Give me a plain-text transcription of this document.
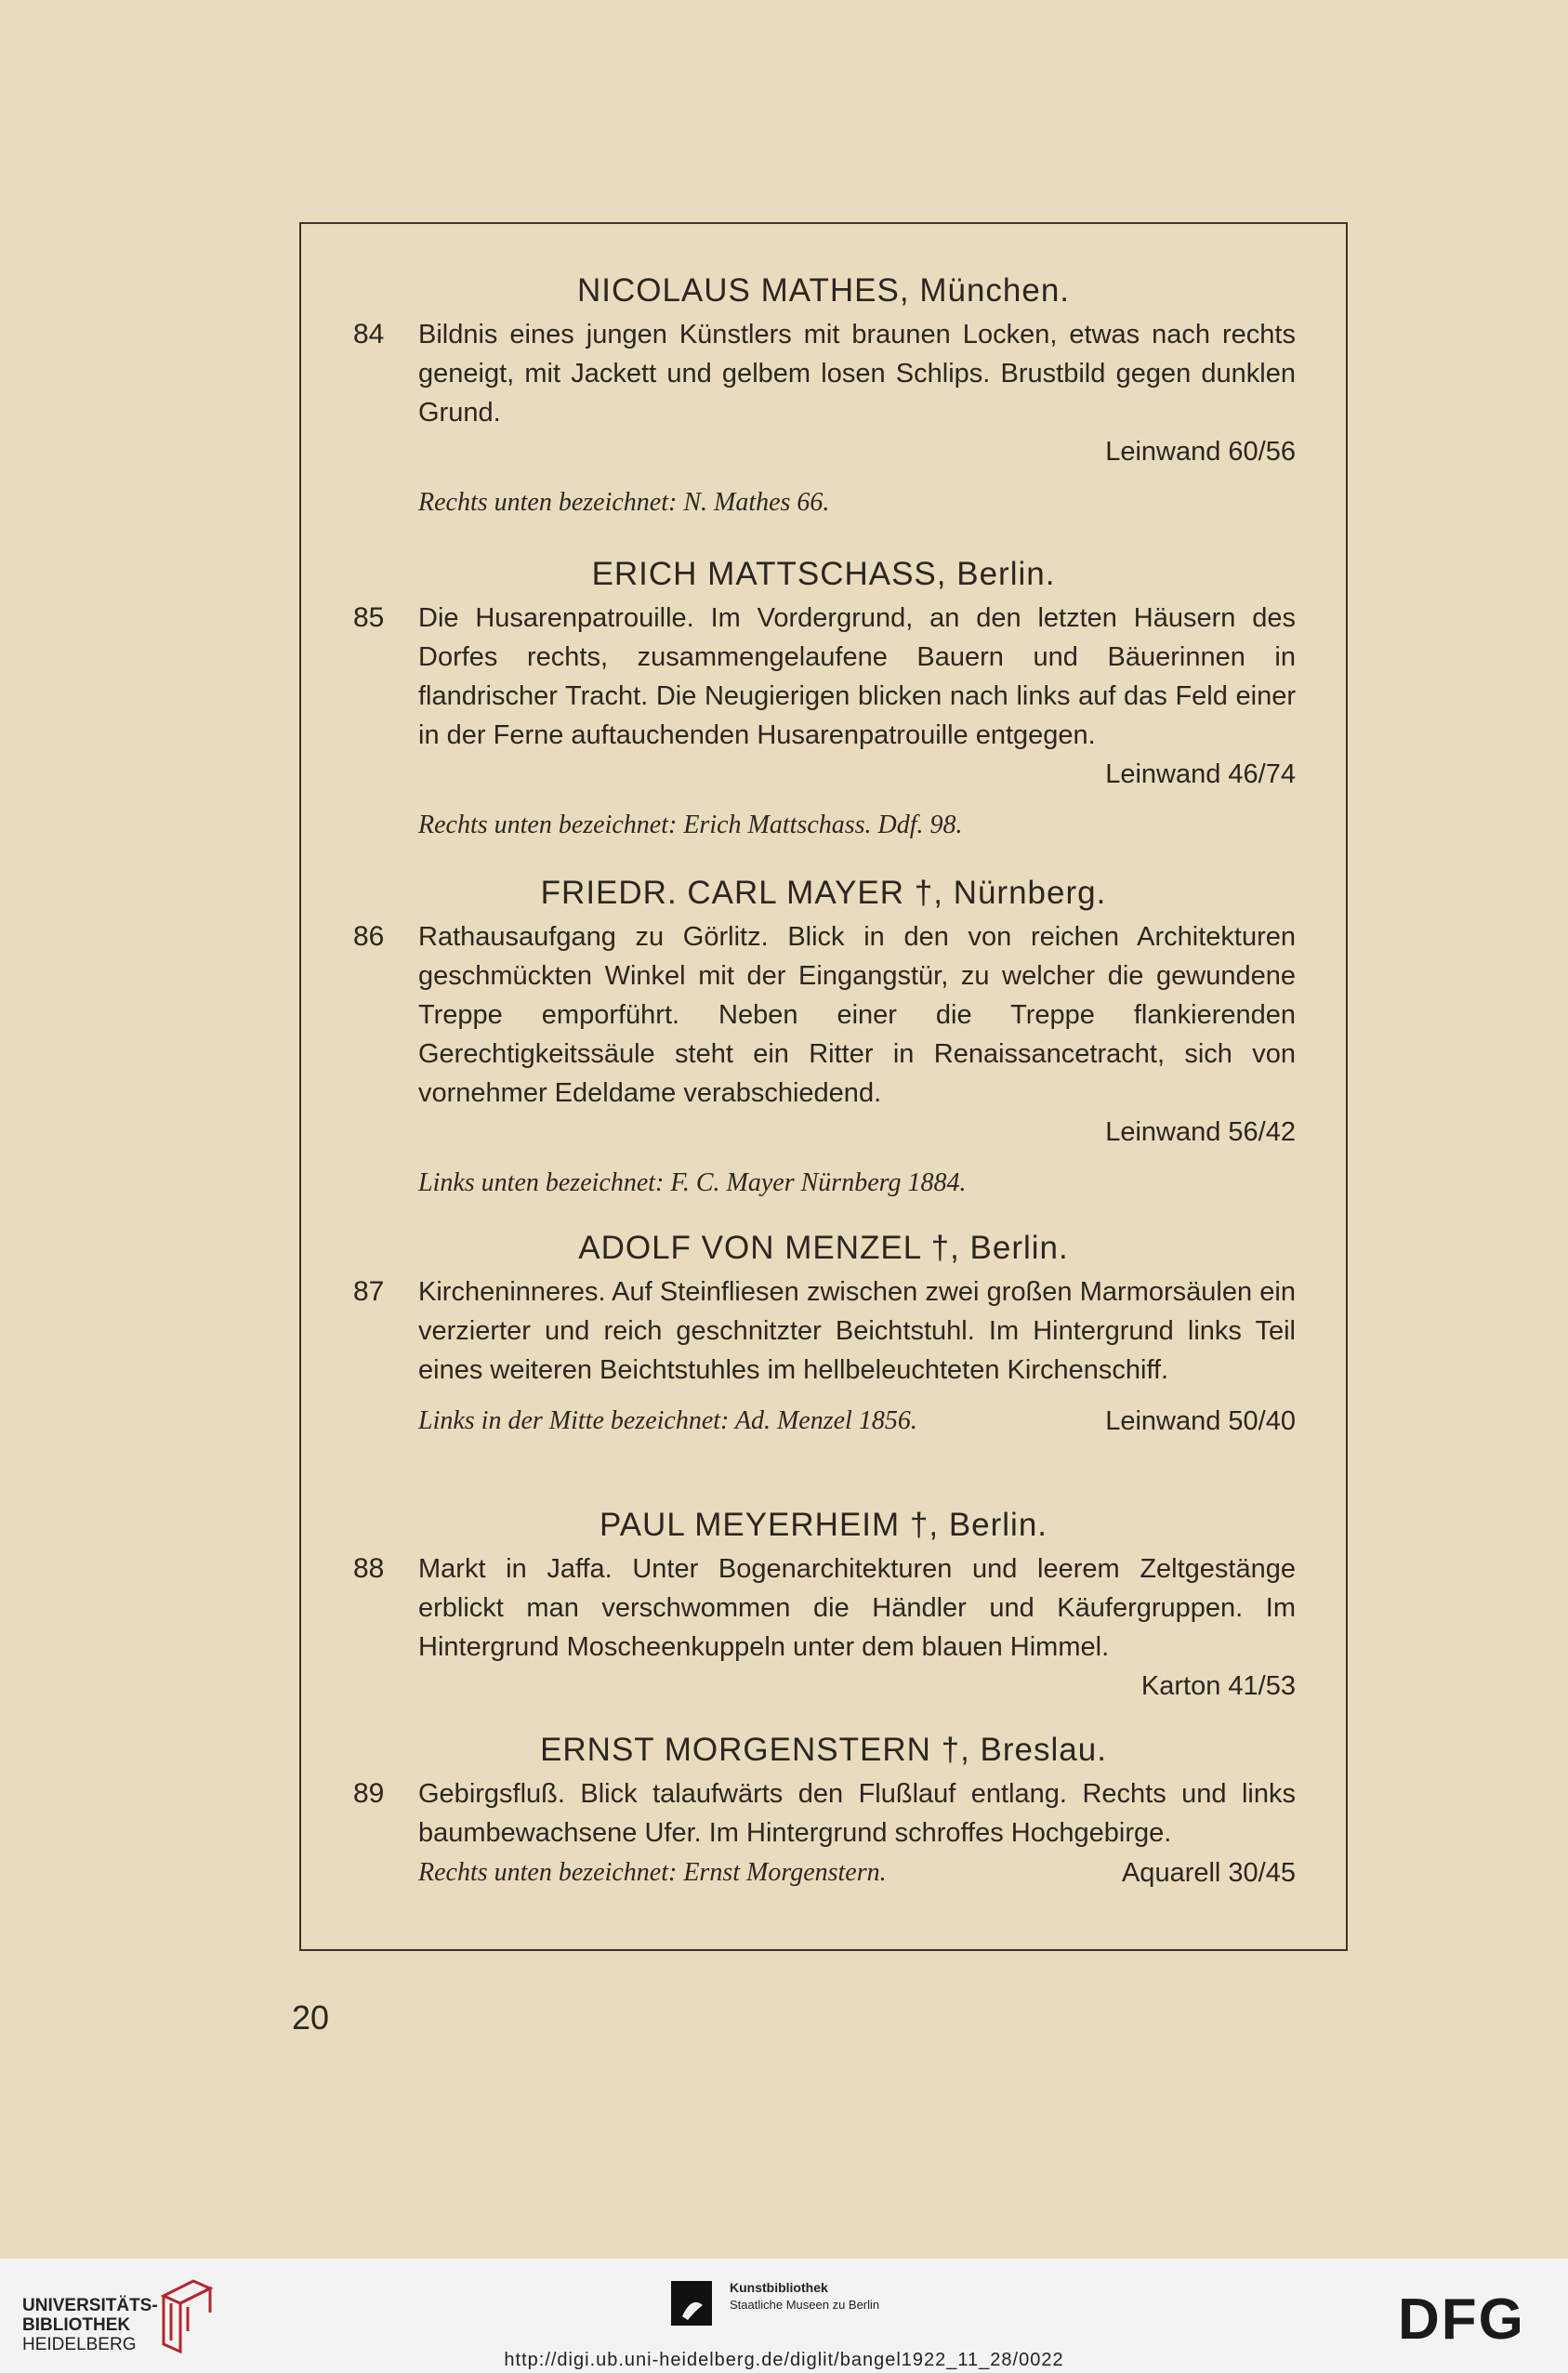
NICOLAUS MATHES, München.
84 Bildnis eines jungen Künstlers mit braunen Locken, etwas nach rechts geneigt, mit Jackett und gelbem losen Schlips. Brustbild gegen dunklen Grund.
Leinwand 60/56
Rechts unten bezeichnet: N. Mathes 66.
ERICH MATTSCHASS, Berlin.
85 Die Husarenpatrouille. Im Vordergrund, an den letzten Häusern des Dorfes rechts, zusammengelaufene Bauern und Bäuerinnen in flandrischer Tracht. Die Neugierigen blicken nach links auf das Feld einer in der Ferne auftauchenden Husarenpatrouille entgegen.
Leinwand 46/74
Rechts unten bezeichnet: Erich Mattschass. Ddf. 98.
FRIEDR. CARL MAYER †, Nürnberg.
86 Rathausaufgang zu Görlitz. Blick in den von reichen Architekturen geschmückten Winkel mit der Eingangstür, zu welcher die gewundene Treppe emporführt. Neben einer die Treppe flankierenden Gerechtigkeitssäule steht ein Ritter in Renaissancetracht, sich von vornehmer Edeldame verabschiedend.
Leinwand 56/42
Links unten bezeichnet: F. C. Mayer Nürnberg 1884.
ADOLF VON MENZEL †, Berlin.
87 Kircheninneres. Auf Steinfliesen zwischen zwei großen Marmorsäulen ein verzierter und reich geschnitzter Beichtstuhl. Im Hintergrund links Teil eines weiteren Beichtstuhles im hellbeleuchteten Kirchenschiff.
Links in der Mitte bezeichnet: Ad. Menzel 1856.	Leinwand 50/40
PAUL MEYERHEIM †, Berlin.
88 Markt in Jaffa. Unter Bogenarchitekturen und leerem Zeltgestänge erblickt man verschwommen die Händler und Käufergruppen. Im Hintergrund Moscheenkuppeln unter dem blauen Himmel.
Karton 41/53
ERNST MORGENSTERN †, Breslau.
89 Gebirgsfluß. Blick talaufwärts den Flußlauf entlang. Rechts und links baumbewachsene Ufer. Im Hintergrund schroffes Hochgebirge.
Rechts unten bezeichnet: Ernst Morgenstern.	Aquarell 30/45
20
UNIVERSITÄTS-
BIBLIOTHEK
HEIDELBERG
Kunstbibliothek
Staatliche Museen zu Berlin	DFG
http://digi.ub.uni-heidelberg.de/diglit/bangel1922_11_28/0022
